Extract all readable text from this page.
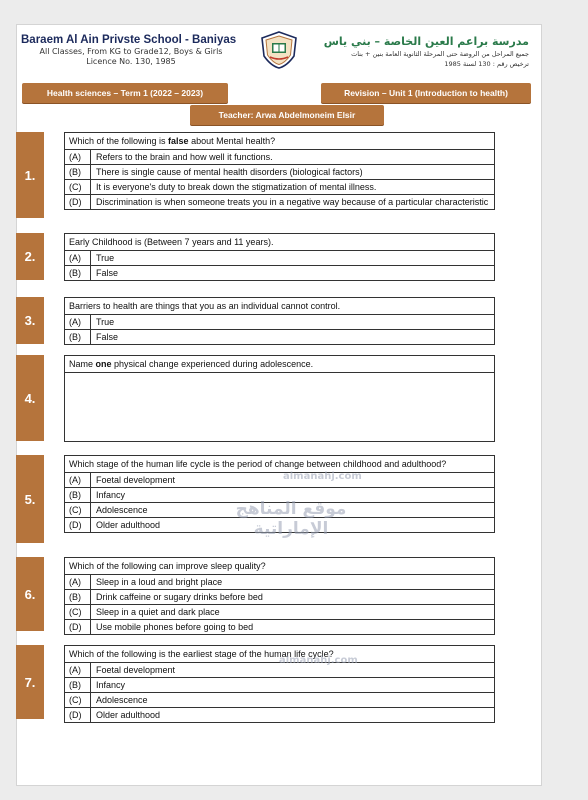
Baraem Al Ain Privste School - Baniyas
All Classes, From KG to Grade12, Boys & Girls
Licence No. 130, 1985
مدرسة براعم العين الخاصة – بني ياس
جميع المراحل من الروضة حتى المرحلة الثانوية العامة بنين + بنات
ترخيص رقم : 130 لسنة 1985
Health sciences – Term 1 (2022 – 2023)	Revision – Unit 1 (Introduction to health)
Teacher: Arwa Abdelmoneim Elsir
1.
Which of the following is false about Mental health?
(A)	Refers to the brain and how well it functions.
(B)	There is single cause of mental health disorders (biological factors)
(C)	It is everyone's duty to break down the stigmatization of mental illness.
(D)	Discrimination is when someone treats you in a negative way because of a particular characteristic
2.
Early Childhood is (Between 7 years and 11 years).
(A)	True
(B)	False
3.
Barriers to health are things that you as an individual cannot control.
(A)	True
(B)	False
4.
Name one physical change experienced during adolescence.
5.
Which stage of the human life cycle is the period of change between childhood and adulthood?
(A)	Foetal development
(B)	Infancy
(C)	Adolescence
(D)	Older adulthood
6.
Which of the following can improve sleep quality?
(A)	Sleep in a loud and bright place
(B)	Drink caffeine or sugary drinks before bed
(C)	Sleep in a quiet and dark place
(D)	Use mobile phones before going to bed
7.
Which of the following is the earliest stage of the human life cycle?
(A)	Foetal development
(B)	Infancy
(C)	Adolescence
(D)	Older adulthood
almanahj.com
موقع المناهج الإماراتية
almanahj.com
